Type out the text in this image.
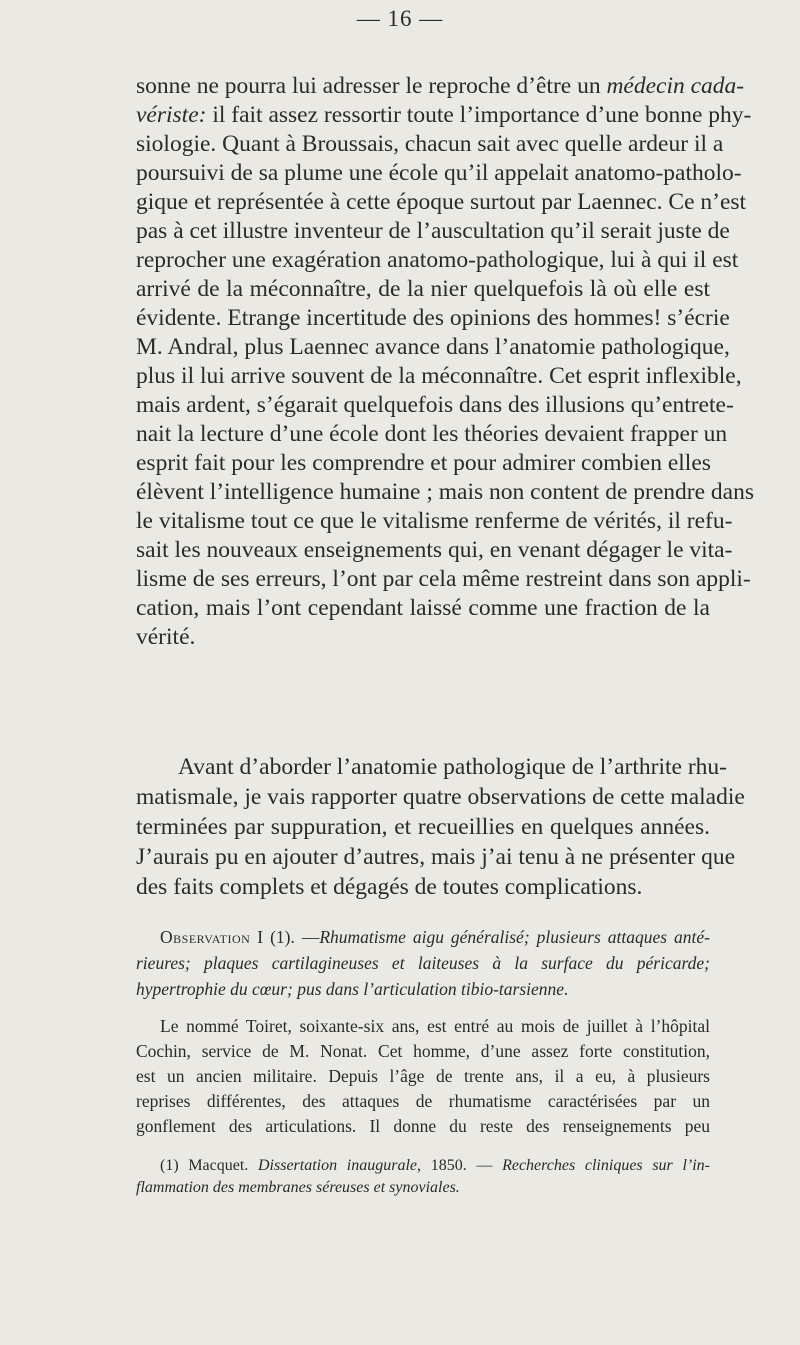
— 16 —
sonne ne pourra lui adresser le reproche d’être un médecin cada-
vériste: il fait assez ressortir toute l’importance d’une bonne phy-
siologie. Quant à Broussais, chacun sait avec quelle ardeur il a
poursuivi de sa plume une école qu’il appelait anatomo-patholo-
gique et représentée à cette époque surtout par Laennec. Ce n’est
pas à cet illustre inventeur de l’auscultation qu’il serait juste de
reprocher une exagération anatomo-pathologique, lui à qui il est
arrivé de la méconnaître, de la nier quelquefois là où elle est
évidente. Etrange incertitude des opinions des hommes! s’écrie
M. Andral, plus Laennec avance dans l’anatomie pathologique,
plus il lui arrive souvent de la méconnaître. Cet esprit inflexible,
mais ardent, s’égarait quelquefois dans des illusions qu’entrete-
nait la lecture d’une école dont les théories devaient frapper un
esprit fait pour les comprendre et pour admirer combien elles
élèvent l’intelligence humaine ; mais non content de prendre dans
le vitalisme tout ce que le vitalisme renferme de vérités, il refu-
sait les nouveaux enseignements qui, en venant dégager le vita-
lisme de ses erreurs, l’ont par cela même restreint dans son appli-
cation, mais l’ont cependant laissé comme une fraction de la
vérité.
Avant d’aborder l’anatomie pathologique de l’arthrite rhu-
matismale, je vais rapporter quatre observations de cette maladie
terminées par suppuration, et recueillies en quelques années.
J’aurais pu en ajouter d’autres, mais j’ai tenu à ne présenter que
des faits complets et dégagés de toutes complications.
Observation I (1). —Rhumatisme aigu généralisé; plusieurs attaques anté-
rieures; plaques cartilagineuses et laiteuses à la surface du péricarde;
hypertrophie du cœur; pus dans l’articulation tibio-tarsienne.
Le nommé Toiret, soixante-six ans, est entré au mois de juillet à l’hôpital
Cochin, service de M. Nonat. Cet homme, d’une assez forte constitution,
est un ancien militaire. Depuis l’âge de trente ans, il a eu, à plusieurs
reprises différentes, des attaques de rhumatisme caractérisées par un
gonflement des articulations. Il donne du reste des renseignements peu
(1) Macquet. Dissertation inaugurale, 1850. — Recherches cliniques sur l’in-
flammation des membranes séreuses et synoviales.
